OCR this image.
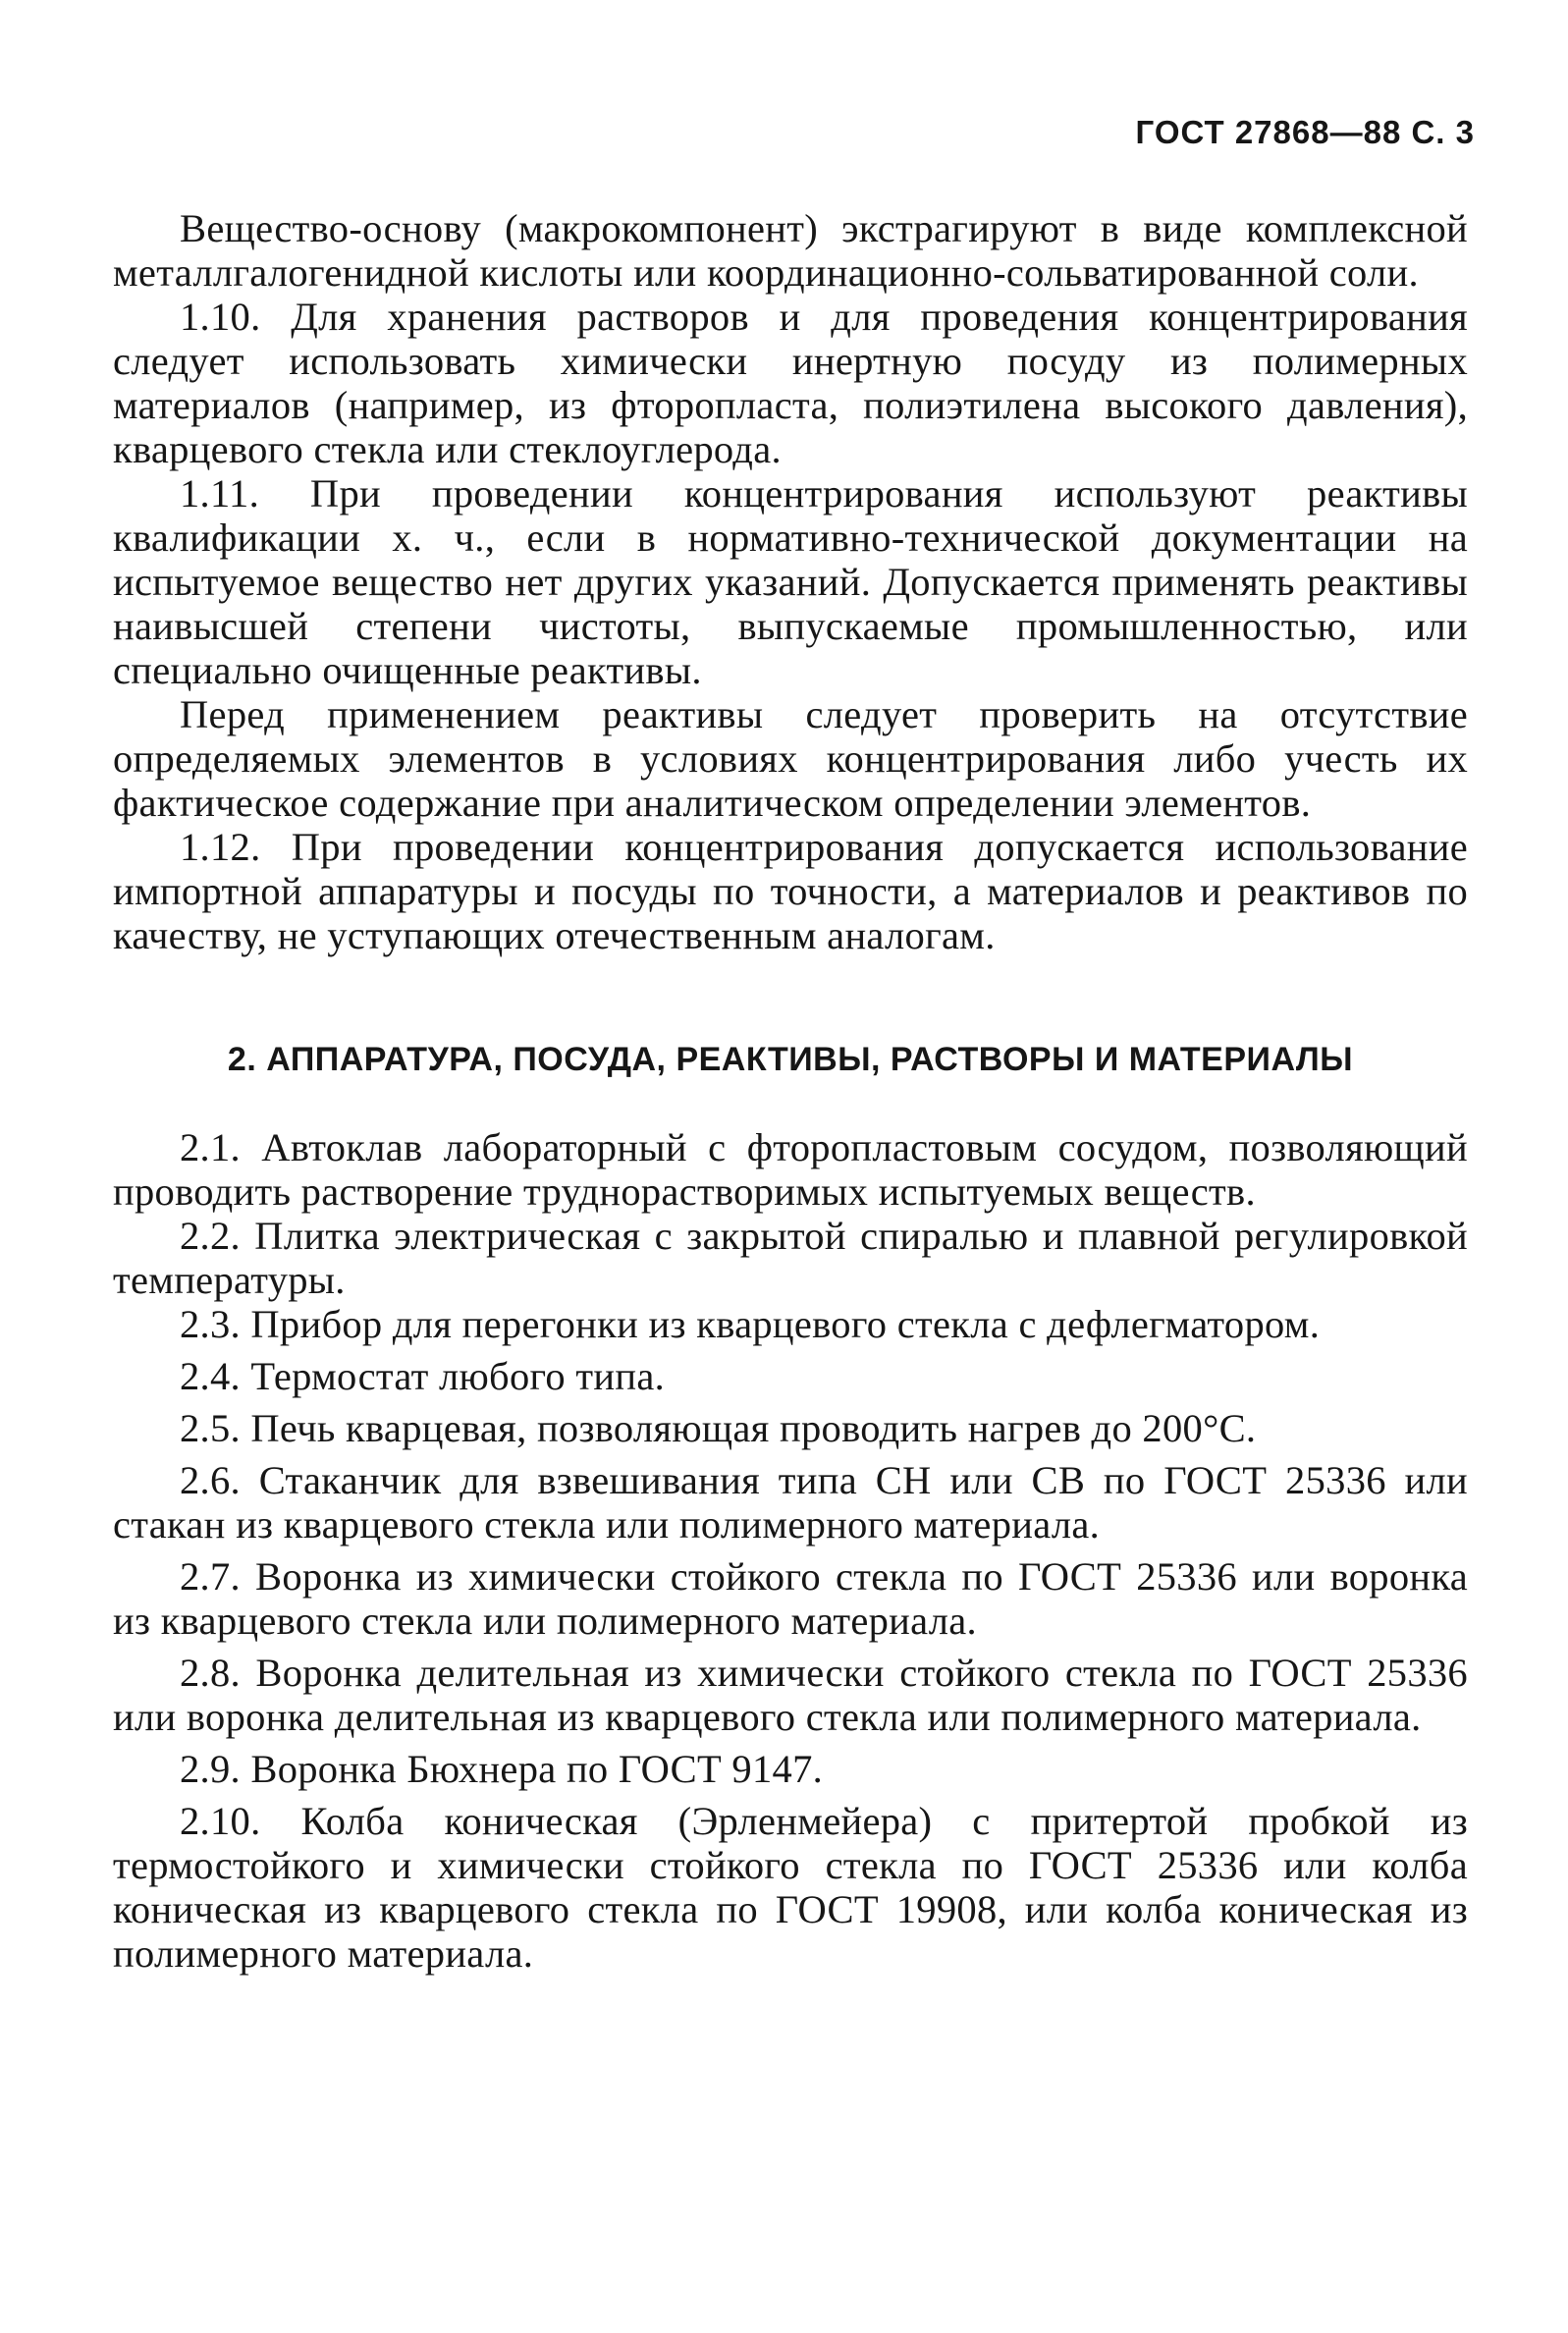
ГОСТ 27868—88 С. 3

Вещество-основу (макрокомпонент) экстрагируют в виде комплексной металлгалогенидной кислоты или координационно-сольватированной соли.

1.10. Для хранения растворов и для проведения концентрирования следует использовать химически инертную посуду из полимерных материалов (например, из фторопласта, полиэтилена высокого давления), кварцевого стекла или стеклоуглерода.

1.11. При проведении концентрирования используют реактивы квалификации х. ч., если в нормативно-технической документации на испытуемое вещество нет других указаний. Допускается применять реактивы наивысшей степени чистоты, выпускаемые промышленностью, или специально очищенные реактивы.

Перед применением реактивы следует проверить на отсутствие определяемых элементов в условиях концентрирования либо учесть их фактическое содержание при аналитическом определении элементов.

1.12. При проведении концентрирования допускается использование импортной аппаратуры и посуды по точности, а материалов и реактивов по качеству, не уступающих отечественным аналогам.

2. АППАРАТУРА, ПОСУДА, РЕАКТИВЫ, РАСТВОРЫ И МАТЕРИАЛЫ

2.1. Автоклав лабораторный с фторопластовым сосудом, позволяющий проводить растворение труднорастворимых испытуемых веществ.

2.2. Плитка электрическая с закрытой спиралью и плавной регулировкой температуры.

2.3. Прибор для перегонки из кварцевого стекла с дефлегматором.

2.4. Термостат любого типа.

2.5. Печь кварцевая, позволяющая проводить нагрев до 200°С.

2.6. Стаканчик для взвешивания типа СН или СВ по ГОСТ 25336 или стакан из кварцевого стекла или полимерного материала.

2.7. Воронка из химически стойкого стекла по ГОСТ 25336 или воронка из кварцевого стекла или полимерного материала.

2.8. Воронка делительная из химически стойкого стекла по ГОСТ 25336 или воронка делительная из кварцевого стекла или полимерного материала.

2.9. Воронка Бюхнера по ГОСТ 9147.

2.10. Колба коническая (Эрленмейера) с притертой пробкой из термостойкого и химически стойкого стекла по ГОСТ 25336 или колба коническая из кварцевого стекла по ГОСТ 19908, или колба коническая из полимерного материала.
